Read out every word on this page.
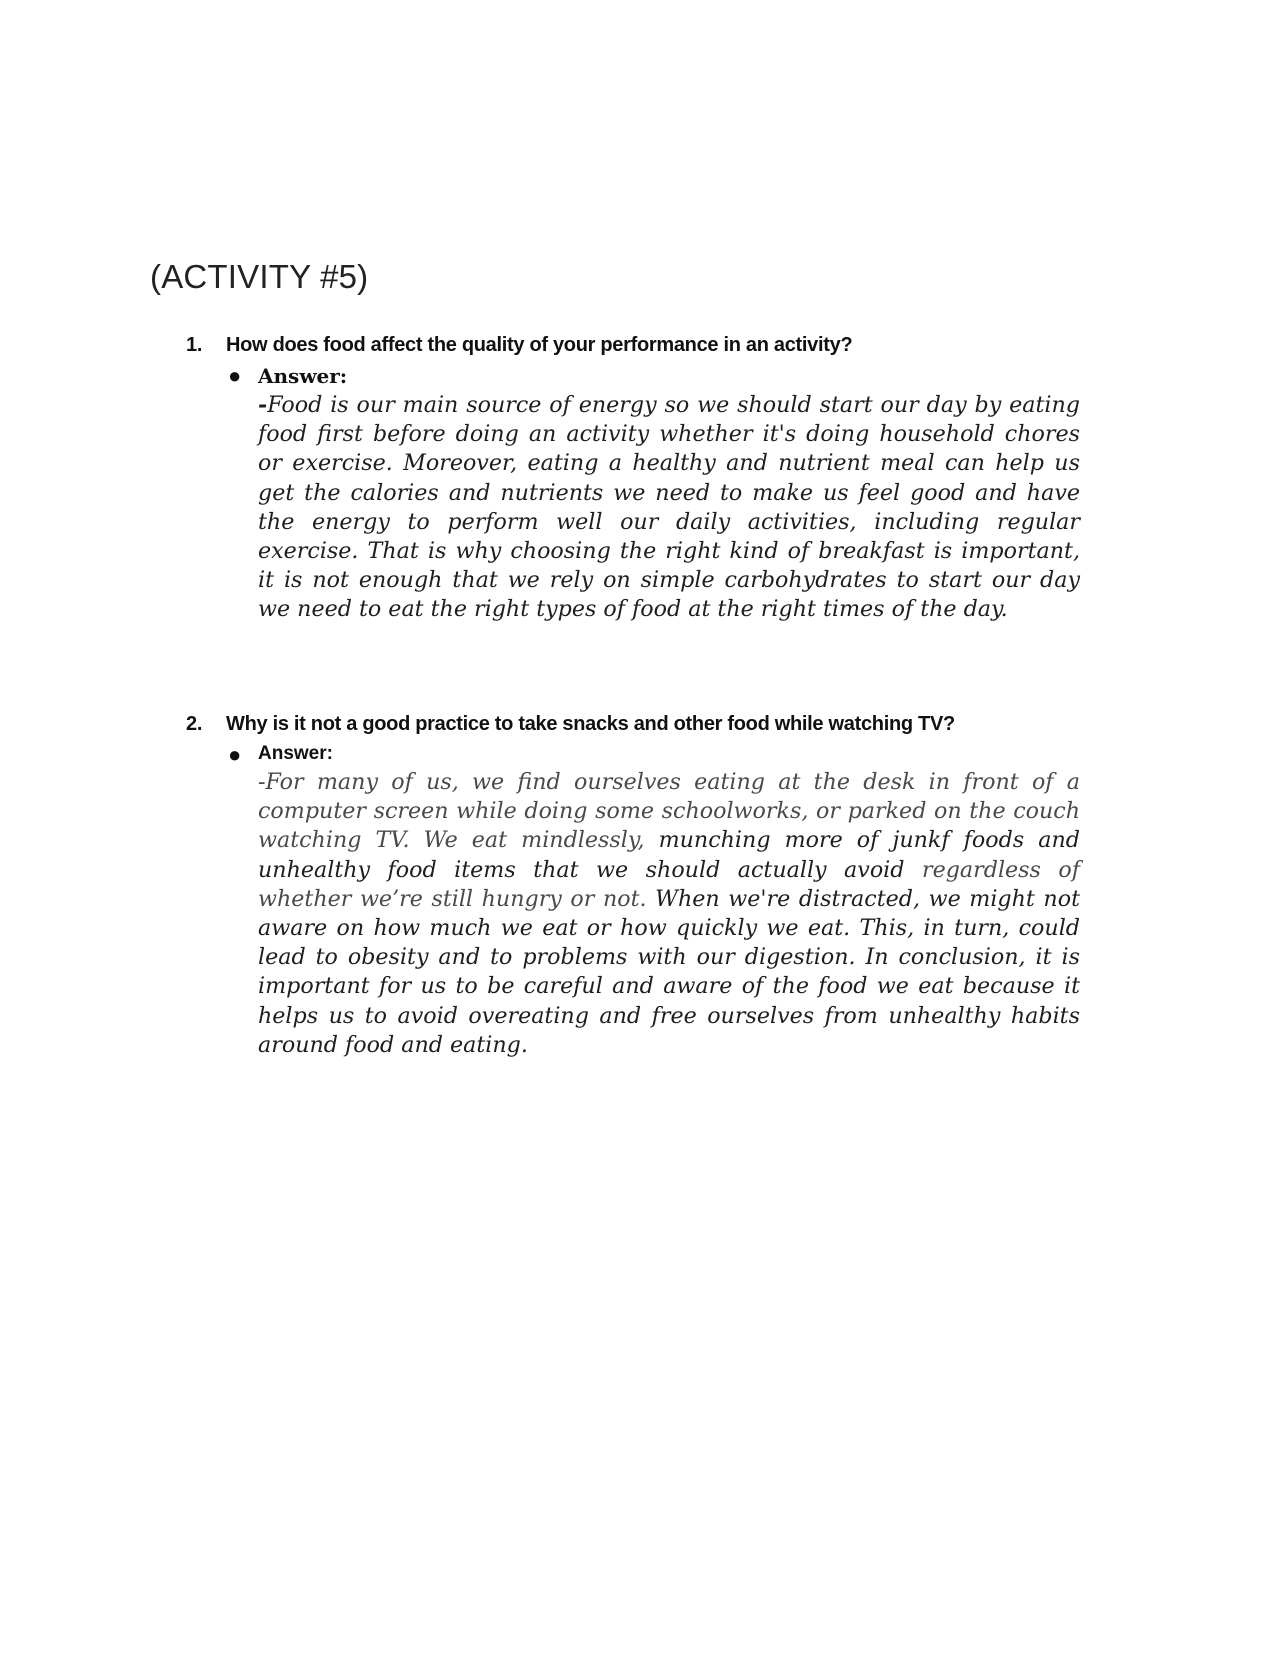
(ACTIVITY #5)
1.	How does food affect the quality of your performance in an activity?
● Answer:

-Food is our main source of energy so we should start our day by eating food first before doing an activity whether it's doing household chores or exercise. Moreover, eating a healthy and nutrient meal can help us get the calories and nutrients we need to make us feel good and have the energy to perform well our daily activities, including regular exercise. That is why choosing the right kind of breakfast is important, it is not enough that we rely on simple carbohydrates to start our day we need to eat the right types of food at the right times of the day.

2.	Why is it not a good practice to take snacks and other food while watching TV?
● Answer:

-For many of us, we find ourselves eating at the desk in front of a computer screen while doing some schoolworks, or parked on the couch watching TV. We eat mindlessly, munching more of junkf foods and unhealthy food items that we should actually avoid regardless of whether we’re still hungry or not. When we're distracted, we might not aware on how much we eat or how quickly we eat. This, in turn, could lead to obesity and to problems with our digestion. In conclusion, it is important for us to be careful and aware of the food we eat because it helps us to avoid overeating and free ourselves from unhealthy habits around food and eating.
